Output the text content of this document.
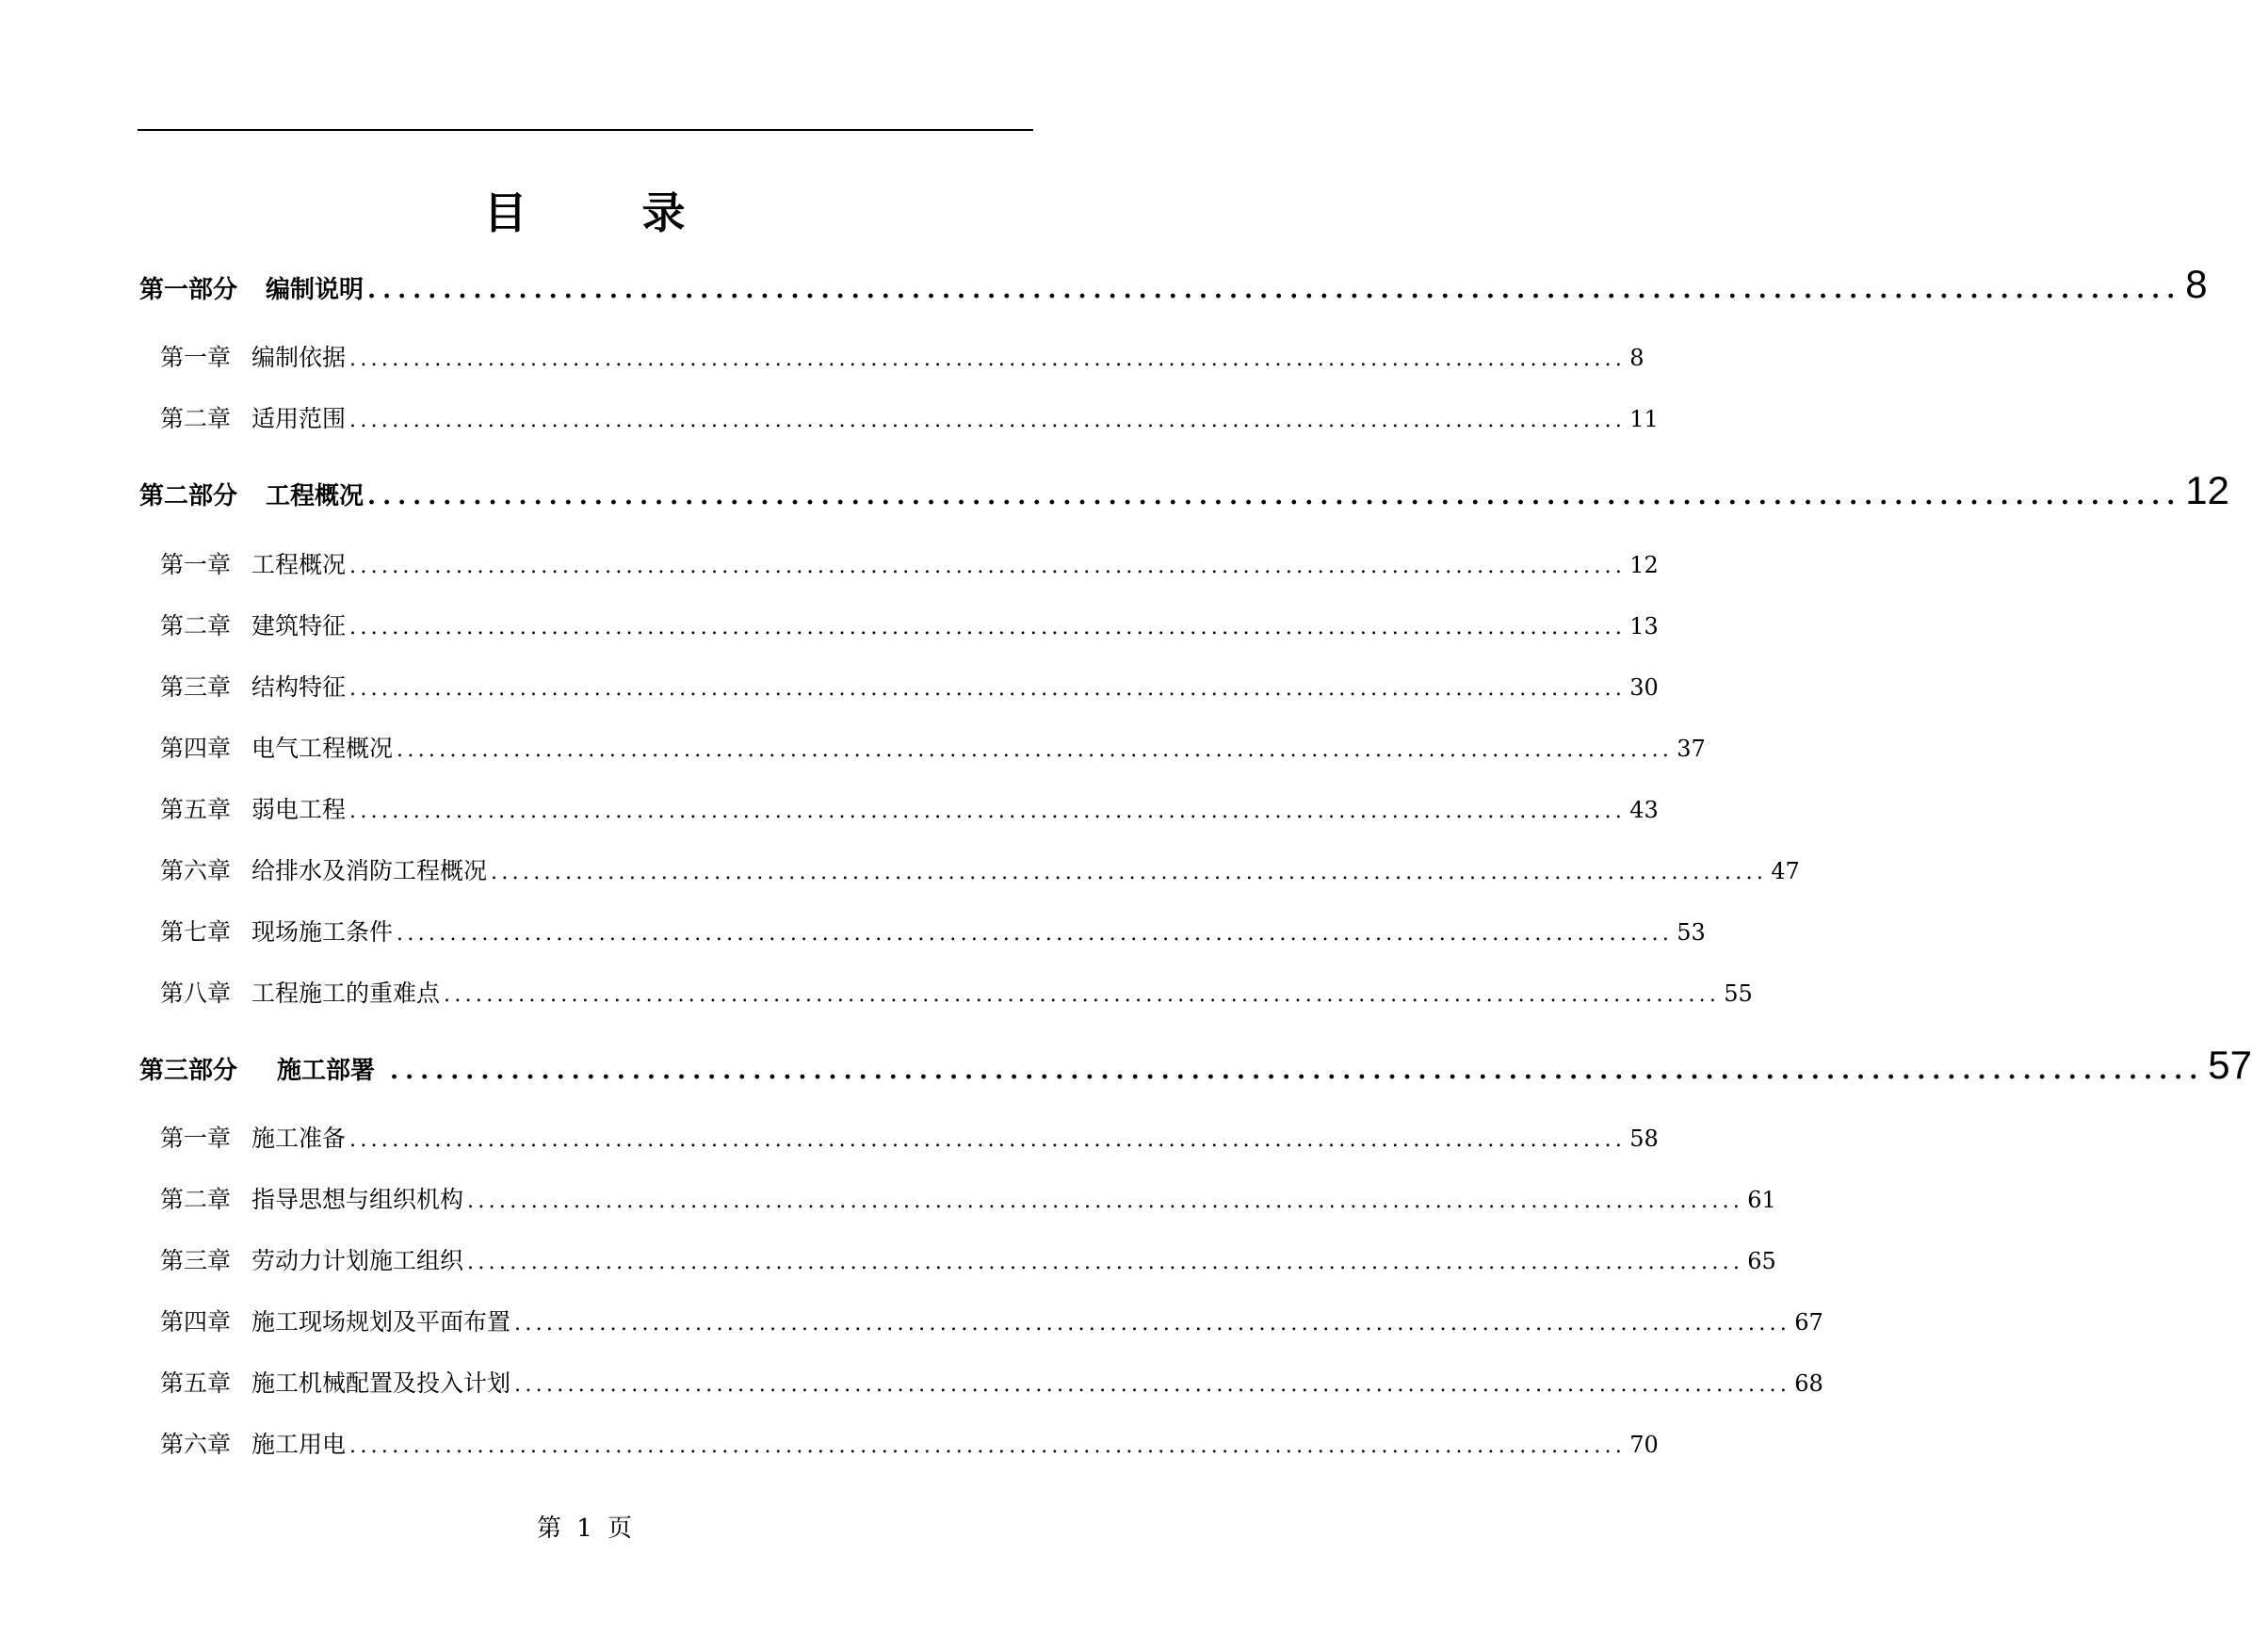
目　录
第一部分 编制说明 ........................................................................................................................ 8
第一章 编制依据 ........................................................................................................................ 8
第二章 适用范围 ........................................................................................................................ 11
第二部分 工程概况 ........................................................................................................................ 12
第一章 工程概况 ........................................................................................................................ 12
第二章 建筑特征 ........................................................................................................................ 13
第三章 结构特征 ........................................................................................................................ 30
第四章 电气工程概况 ........................................................................................................................ 37
第五章 弱电工程 ........................................................................................................................ 43
第六章 给排水及消防工程概况 ........................................................................................................................ 47
第七章 现场施工条件 ........................................................................................................................ 53
第八章 工程施工的重难点 ........................................................................................................................ 55
第三部分 施工部署 ........................................................................................................................ 57
第一章 施工准备 ........................................................................................................................ 58
第二章 指导思想与组织机构 ........................................................................................................................ 61
第三章 劳动力计划施工组织 ........................................................................................................................ 65
第四章 施工现场规划及平面布置 ........................................................................................................................ 67
第五章 施工机械配置及投入计划 ........................................................................................................................ 68
第六章 施工用电 ........................................................................................................................ 70
第 1 页
